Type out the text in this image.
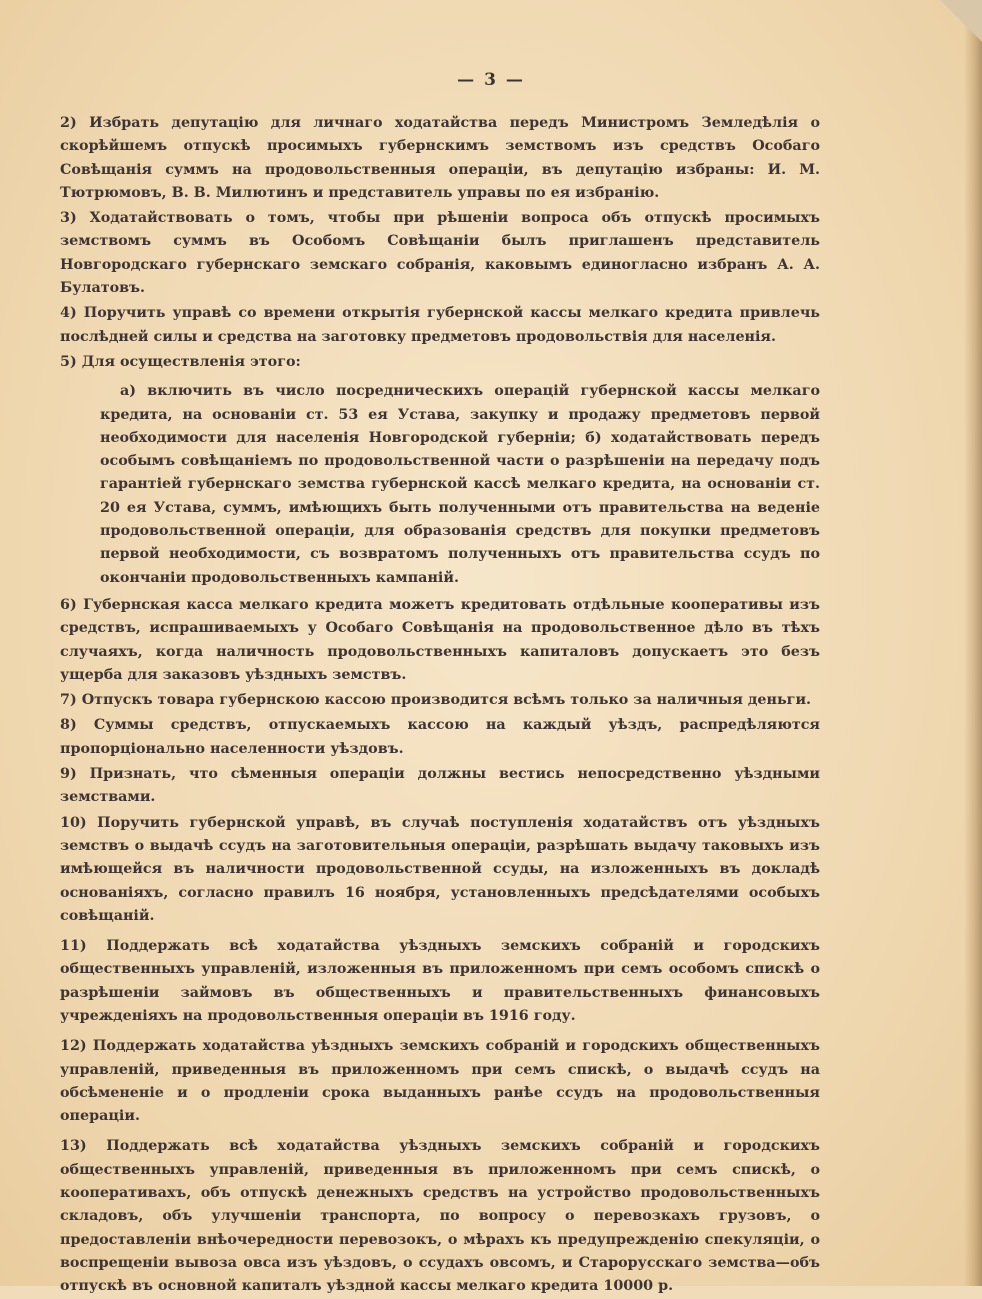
— 3 —

2) Избрать депутацію для личнаго ходатайства передъ Министромъ Земледѣлія о скорѣйшемъ отпускѣ просимыхъ губернскимъ земствомъ изъ средствъ Особаго Совѣщанія суммъ на продовольственныя операціи, въ депутацію избраны: И. М. Тютрюмовъ, В. В. Милютинъ и представитель управы по ея избранію.

3) Ходатайствовать о томъ, чтобы при рѣшеніи вопроса объ отпускѣ просимыхъ земствомъ суммъ въ Особомъ Совѣщаніи былъ приглашенъ представитель Новгородскаго губернскаго земскаго собранія, каковымъ единогласно избранъ А. А. Булатовъ.

4) Поручить управѣ со времени открытія губернской кассы мелкаго кредита привлечь послѣдней силы и средства на заготовку предметовъ продовольствія для населенія.

5) Для осуществленія этого:

а) включить въ число посредническихъ операцій губернской кассы мелкаго кредита, на основаніи ст. 53 ея Устава, закупку и продажу предметовъ первой необходимости для населенія Новгородской губерніи; б) ходатайствовать передъ особымъ совѣщаніемъ по продовольственной части о разрѣшеніи на передачу подъ гарантіей губернскаго земства губернской кассѣ мелкаго кредита, на основаніи ст. 20 ея Устава, суммъ, имѣющихъ быть полученными отъ правительства на веденіе продовольственной операціи, для образованія средствъ для покупки предметовъ первой необходимости, съ возвратомъ полученныхъ отъ правительства ссудъ по окончаніи продовольственныхъ кампаній.

6) Губернская касса мелкаго кредита можетъ кредитовать отдѣльные кооперативы изъ средствъ, испрашиваемыхъ у Особаго Совѣщанія на продовольственное дѣло въ тѣхъ случаяхъ, когда наличность продовольственныхъ капиталовъ допускаетъ это безъ ущерба для заказовъ уѣздныхъ земствъ.

7) Отпускъ товара губернскою кассою производится всѣмъ только за наличныя деньги.

8) Суммы средствъ, отпускаемыхъ кассою на каждый уѣздъ, распредѣляются пропорціонально населенности уѣздовъ.

9) Признать, что сѣменныя операціи должны вестись непосредственно уѣздными земствами.

10) Поручить губернской управѣ, въ случаѣ поступленія ходатайствъ отъ уѣздныхъ земствъ о выдачѣ ссудъ на заготовительныя операціи, разрѣшать выдачу таковыхъ изъ имѣющейся въ наличности продовольственной ссуды, на изложенныхъ въ докладѣ основаніяхъ, согласно правилъ 16 ноября, установленныхъ предсѣдателями особыхъ совѣщаній.

11) Поддержать всѣ ходатайства уѣздныхъ земскихъ собраній и городскихъ общественныхъ управленій, изложенныя въ приложенномъ при семъ особомъ спискѣ о разрѣшеніи займовъ въ общественныхъ и правительственныхъ финансовыхъ учрежденіяхъ на продовольственныя операціи въ 1916 году.

12) Поддержать ходатайства уѣздныхъ земскихъ собраній и городскихъ общественныхъ управленій, приведенныя въ приложенномъ при семъ спискѣ, о выдачѣ ссудъ на обсѣмененіе и о продленіи срока выданныхъ ранѣе ссудъ на продовольственныя операціи.

13) Поддержать всѣ ходатайства уѣздныхъ земскихъ собраній и городскихъ общественныхъ управленій, приведенныя въ приложенномъ при семъ спискѣ, о кооперативахъ, объ отпускѣ денежныхъ средствъ на устройство продовольственныхъ складовъ, объ улучшеніи транспорта, по вопросу о перевозкахъ грузовъ, о предоставленіи внѣочередности перевозокъ, о мѣрахъ къ предупрежденію спекуляціи, о воспрещеніи вывоза овса изъ уѣздовъ, о ссудахъ овсомъ, и Старорусскаго земства—объ отпускѣ въ основной капиталъ уѣздной кассы мелкаго кредита 10000 р.
